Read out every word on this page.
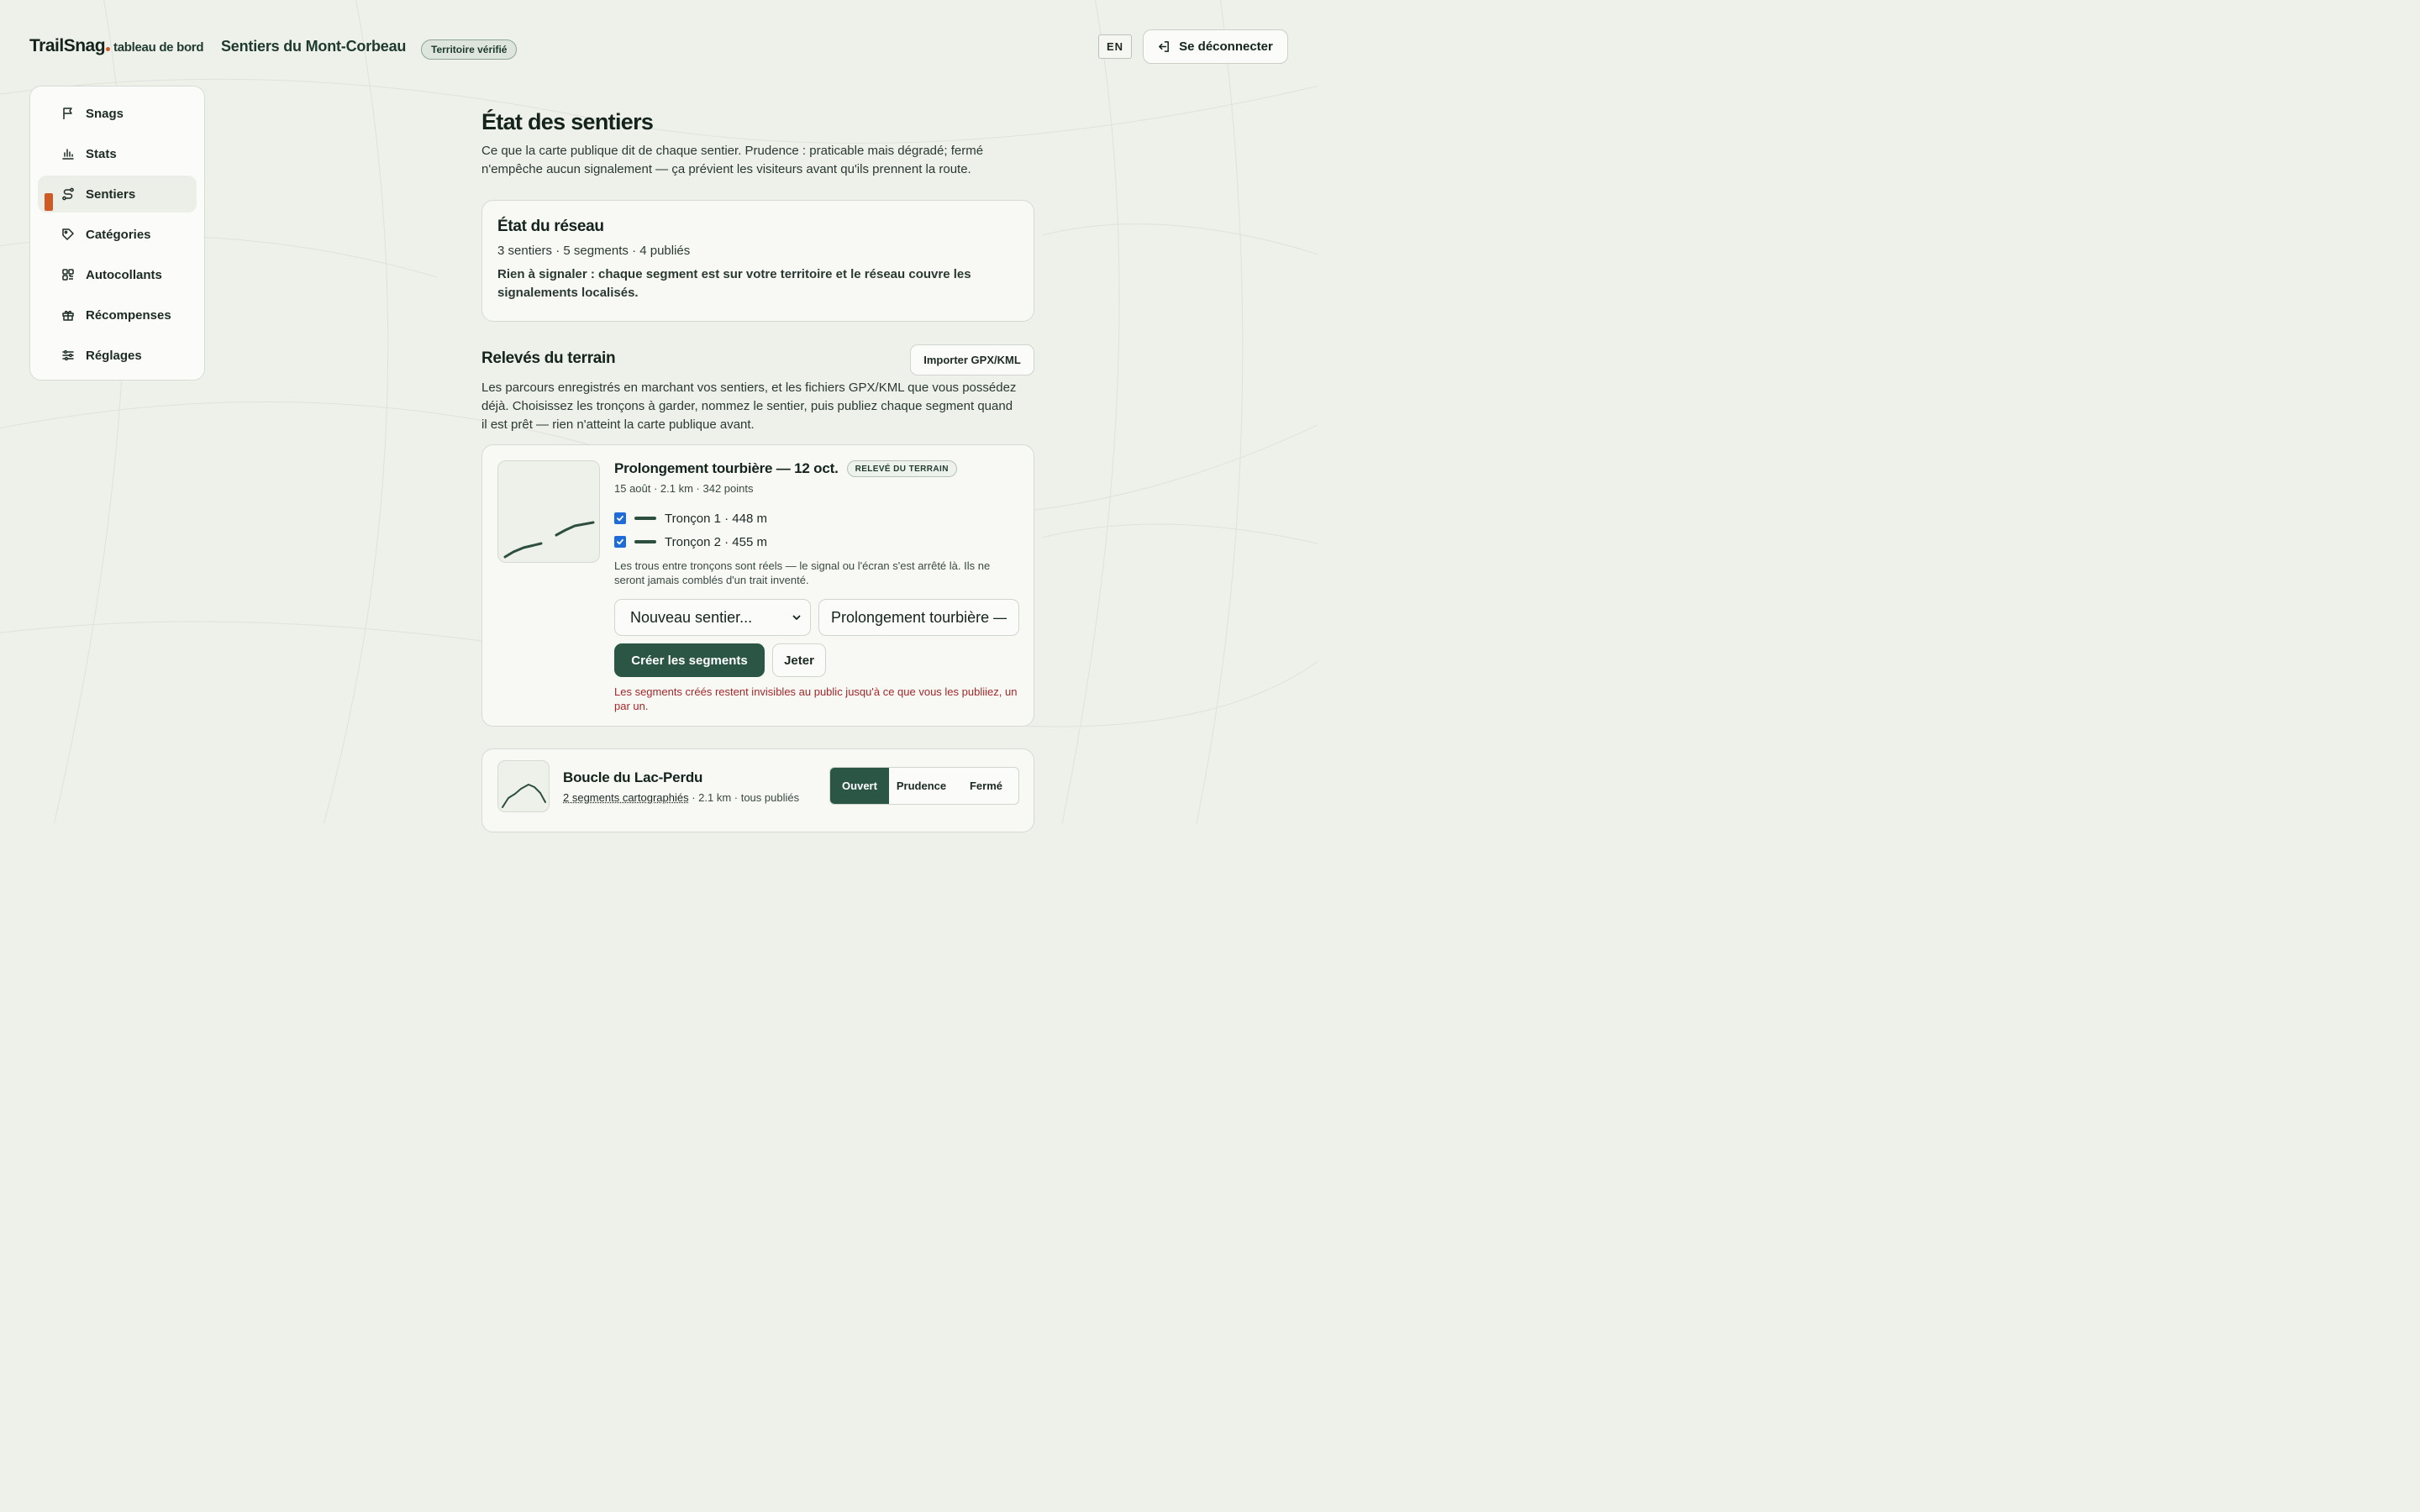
TrailSnag tableau de bord Sentiers du Mont-Corbeau	Territoire vérifié	EN	Se déconnecter
Snags
Stats
Sentiers
Catégories
Autocollants
Récompenses
Réglages
État des sentiers

Ce que la carte publique dit de chaque sentier. Prudence : praticable mais dégradé; fermé n'empêche aucun signalement — ça prévient les visiteurs avant qu'ils prennent la route.

État du réseau
3 sentiers · 5 segments · 4 publiés
Rien à signaler : chaque segment est sur votre territoire et le réseau couvre les signalements localisés.
Relevés du terrain	Importer GPX/KML

Les parcours enregistrés en marchant vos sentiers, et les fichiers GPX/KML que vous possédez déjà. Choisissez les tronçons à garder, nommez le sentier, puis publiez chaque segment quand il est prêt — rien n'atteint la carte publique avant.

Prolongement tourbière — 12 oct.	RELEVÉ DU TERRAIN
15 août · 2.1 km · 342 points
Tronçon 1 · 448 m
Tronçon 2 · 455 m

Les trous entre tronçons sont réels — le signal ou l'écran s'est arrêté là. Ils ne seront jamais comblés d'un trait inventé.

Nouveau sentier...
Prolongement tourbière —
Créer les segments	Jeter

Les segments créés restent invisibles au public jusqu'à ce que vous les publiiez, un par un.

Boucle du Lac-Perdu
2 segments cartographiés · 2.1 km · tous publiés
Ouvert	Prudence	Fermé
